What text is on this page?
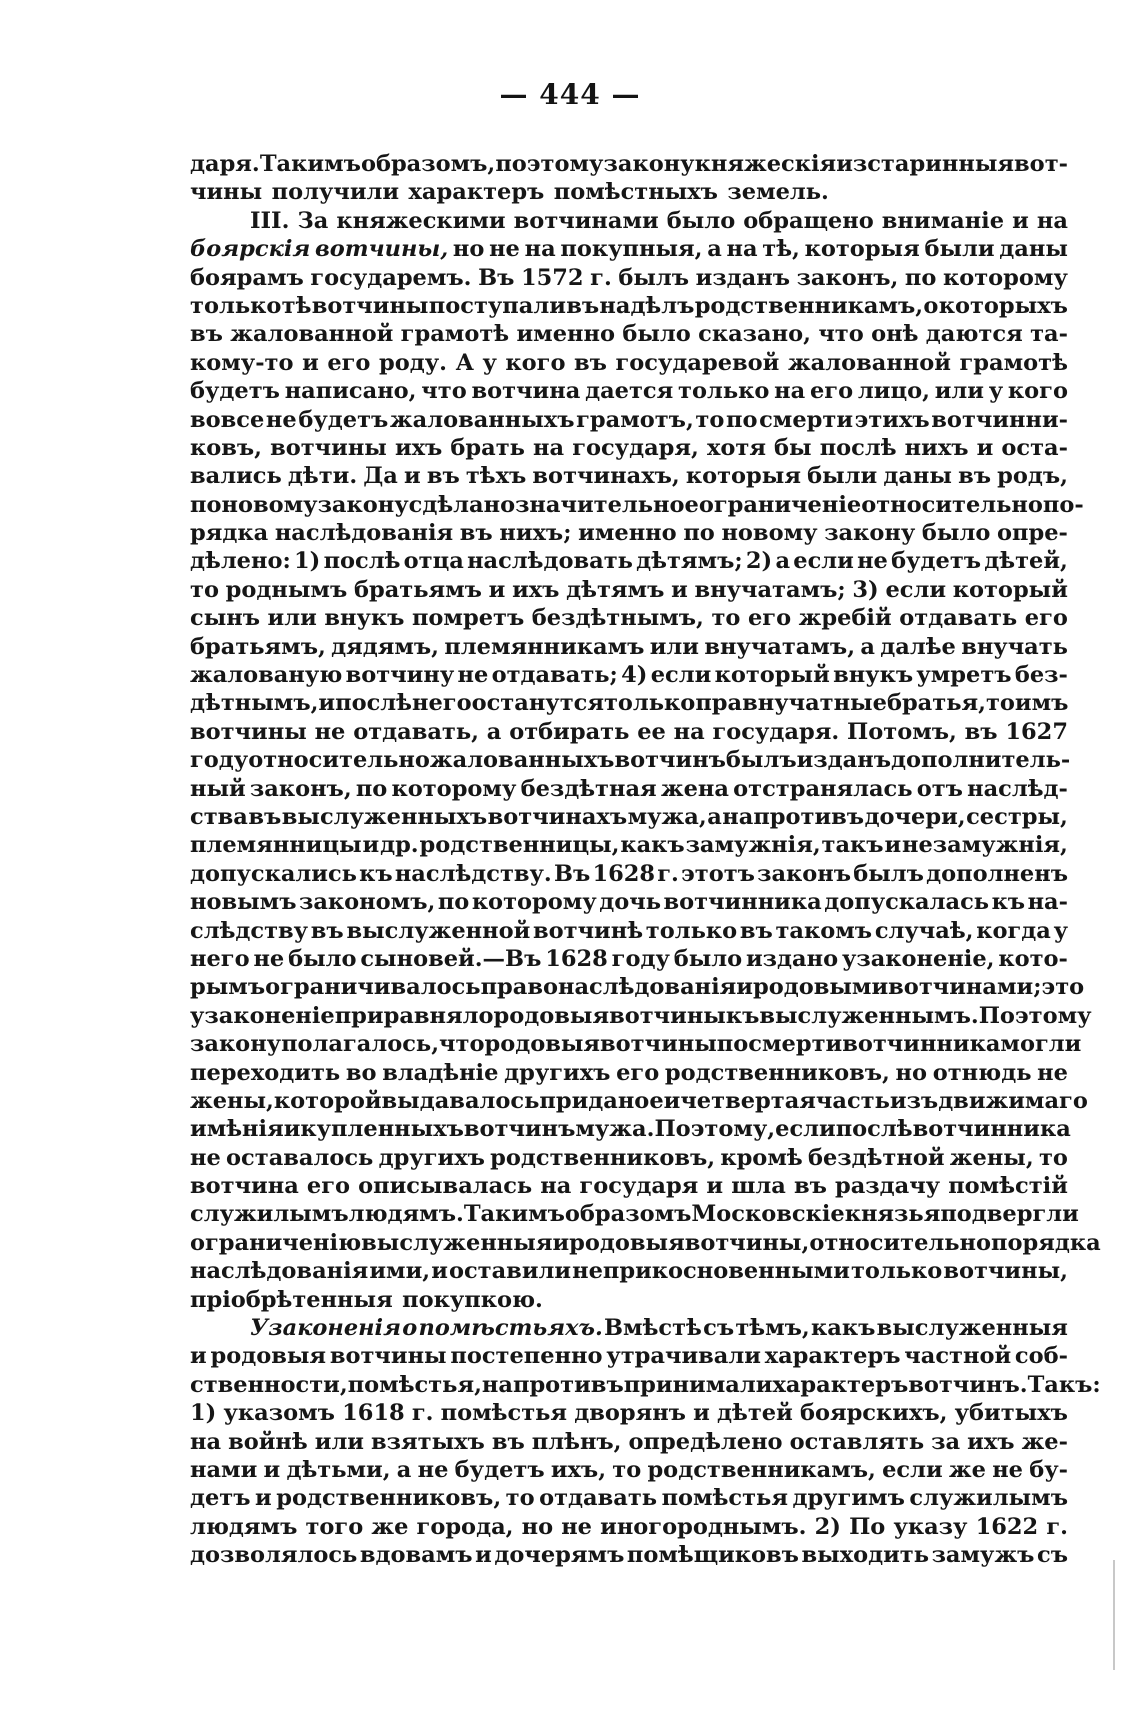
— 444 —
даря. Такимъ образомъ, по этому закону княжескія изстаринныя вот-
чины получили характеръ помѣстныхъ земель.
III. За княжескими вотчинами было обращено вниманіе и на
боярскія вотчины, но не на покупныя, а на тѣ, которыя были даны
боярамъ государемъ. Въ 1572 г. былъ изданъ законъ, по которому
только тѣ вотчины поступали въ надѣлъ родственникамъ, о которыхъ
въ жалованной грамотѣ именно было сказано, что онѣ даются та-
кому-то и его роду. А у кого въ государевой жалованной грамотѣ
будетъ написано, что вотчина дается только на его лицо, или у кого
вовсе не будетъ жалованныхъ грамотъ, то по смерти этихъ вотчинни-
ковъ, вотчины ихъ брать на государя, хотя бы послѣ нихъ и оста-
вались дѣти. Да и въ тѣхъ вотчинахъ, которыя были даны въ родъ,
по новому закону сдѣлано значительное ограниченіе относительно по-
рядка наслѣдованія въ нихъ; именно по новому закону было опре-
дѣлено: 1) послѣ отца наслѣдовать дѣтямъ; 2) а если не будетъ дѣтей,
то роднымъ братьямъ и ихъ дѣтямъ и внучатамъ; 3) если который
сынъ или внукъ помретъ бездѣтнымъ, то его жребій отдавать его
братьямъ, дядямъ, племянникамъ или внучатамъ, а далѣе внучать
жалованую вотчину не отдавать; 4) если который внукъ умретъ без-
дѣтнымъ, и послѣ него останутся только правнучатные братья, то имъ
вотчины не отдавать, а отбирать ее на государя. Потомъ, въ 1627
году относительно жалованныхъ вотчинъ былъ изданъ дополнитель-
ный законъ, по которому бездѣтная жена отстранялась отъ наслѣд-
ства въ выслуженныхъ вотчинахъ мужа, а напротивъ дочери, сестры,
племянницы и др. родственницы, какъ замужнія, такъ и незамужнія,
допускались къ наслѣдству. Въ 1628 г. этотъ законъ былъ дополненъ
новымъ закономъ, по которому дочь вотчинника допускалась къ на-
слѣдству въ выслуженной вотчинѣ только въ такомъ случаѣ, когда у
него не было сыновей.—Въ 1628 году было издано узаконеніе, кото-
рымъ ограничивалось право наслѣдованія и родовыми вотчинами; это
узаконеніе приравняло родовыя вотчины къ выслуженнымъ. По этому
закону полагалось, что родовыя вотчины по смерти вотчинника могли
переходить во владѣніе другихъ его родственниковъ, но отнюдь не
жены, которой выдавалось приданое и четвертая часть изъ движимаго
имѣнія и купленныхъ вотчинъ мужа. Поэтому, если послѣ вотчинника
не оставалось другихъ родственниковъ, кромѣ бездѣтной жены, то
вотчина его описывалась на государя и шла въ раздачу помѣстій
служилымъ людямъ. Такимъ образомъ Московскіе князья подвергли
ограниченію выслуженныя и родовыя вотчины, относительно порядка
наслѣдованія ими, и оставили неприкосновенными только вотчины,
пріобрѣтенныя покупкою.
Узаконенія о помѣстьяхъ. Вмѣстѣ съ тѣмъ, какъ выслуженныя
и родовыя вотчины постепенно утрачивали характеръ частной соб-
ственности, помѣстья, напротивъ принимали характеръ вотчинъ. Такъ:
1) указомъ 1618 г. помѣстья дворянъ и дѣтей боярскихъ, убитыхъ
на войнѣ или взятыхъ въ плѣнъ, опредѣлено оставлять за ихъ же-
нами и дѣтьми, а не будетъ ихъ, то родственникамъ, если же не бу-
детъ и родственниковъ, то отдавать помѣстья другимъ служилымъ
людямъ того же города, но не иногороднымъ. 2) По указу 1622 г.
дозволялось вдовамъ и дочерямъ помѣщиковъ выходить замужъ съ
